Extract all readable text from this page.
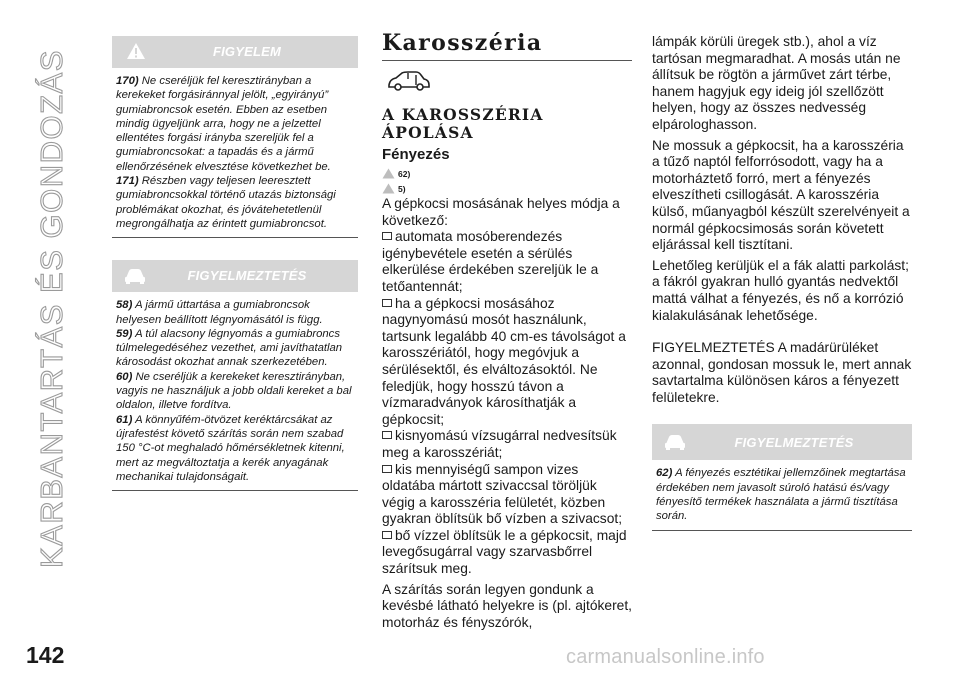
KARBANTARTÁS ÉS GONDOZÁS
142
FIGYELEM

170) Ne cseréljük fel keresztirányban a kerekeket forgásiránnyal jelölt, „egyirányú” gumiabroncsok esetén. Ebben az esetben mindig ügyeljünk arra, hogy ne a jelzettel ellentétes forgási irányba szereljük fel a gumiabroncsokat: a tapadás és a jármű ellenőrzésének elvesztése következhet be.

171) Részben vagy teljesen leeresztett gumiabroncsokkal történő utazás biztonsági problémákat okozhat, és jóvátehetetlenül megrongálhatja az érintett gumiabroncsot.

FIGYELMEZTETÉS

58) A jármű úttartása a gumiabroncsok helyesen beállított légnyomásától is függ.

59) A túl alacsony légnyomás a gumiabroncs túlmelegedéséhez vezethet, ami javíthatatlan károsodást okozhat annak szerkezetében.

60) Ne cseréljük a kerekeket keresztirányban, vagyis ne használjuk a jobb oldali kereket a bal oldalon, illetve fordítva.

61) A könnyűfém-ötvözet keréktárcsákat az újrafestést követő szárítás során nem szabad 150 °C-ot meghaladó hőmérsékletnek kitenni, mert az megváltoztatja a kerék anyagának mechanikai tulajdonságait.

Karosszéria
A KAROSSZÉRIA
ÁPOLÁSA
Fényezés
62)
5)

A gépkocsi mosásának helyes módja a következő:

automata mosóberendezés igénybevétele esetén a sérülés elkerülése érdekében szereljük le a tetőantennát;

ha a gépkocsi mosásához nagynyomású mosót használunk, tartsunk legalább 40 cm-es távolságot a karosszériától, hogy megóvjuk a sérülésektől, és elváltozásoktól. Ne feledjük, hogy hosszú távon a vízmaradványok károsíthatják a gépkocsit;

kisnyomású vízsugárral nedvesítsük meg a karosszériát;

kis mennyiségű sampon vizes oldatába mártott szivaccsal töröljük végig a karosszéria felületét, közben gyakran öblítsük bő vízben a szivacsot;

bő vízzel öblítsük le a gépkocsit, majd levegősugárral vagy szarvasbőrrel szárítsuk meg.

A szárítás során legyen gondunk a kevésbé látható helyekre is (pl. ajtókeret, motorház és fényszórók,

lámpák körüli üregek stb.), ahol a víz tartósan megmaradhat. A mosás után ne állítsuk be rögtön a járművet zárt térbe, hanem hagyjuk egy ideig jól szellőzött helyen, hogy az összes nedvesség elpárologhasson.

Ne mossuk a gépkocsit, ha a karosszéria a tűző naptól felforrósodott, vagy ha a motorháztető forró, mert a fényezés elveszítheti csillogását. A karosszéria külső, műanyagból készült szerelvényeit a normál gépkocsimosás során követett eljárással kell tisztítani.

Lehetőleg kerüljük el a fák alatti parkolást; a fákról gyakran hulló gyantás nedvektől mattá válhat a fényezés, és nő a korrózió kialakulásának lehetősége.

FIGYELMEZTETÉS A madárürüléket azonnal, gondosan mossuk le, mert annak savtartalma különösen káros a fényezett felületekre.

FIGYELMEZTETÉS

62) A fényezés esztétikai jellemzőinek megtartása érdekében nem javasolt súroló hatású és/vagy fényesítő termékek használata a jármű tisztítása során.

carmanualsonline.info
